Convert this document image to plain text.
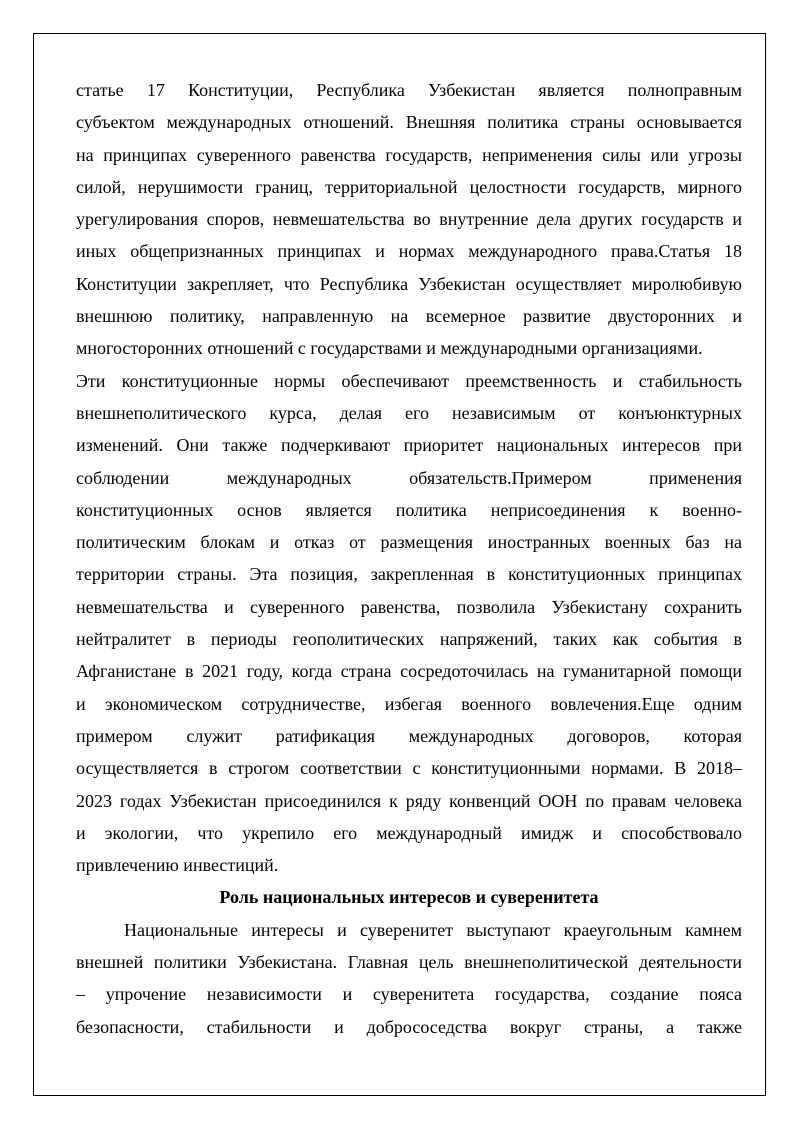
статье 17 Конституции, Республика Узбекистан является полноправным
субъектом международных отношений. Внешняя политика страны основывается
на принципах суверенного равенства государств, неприменения силы или угрозы
силой, нерушимости границ, территориальной целостности государств, мирного
урегулирования споров, невмешательства во внутренние дела других государств и
иных общепризнанных принципах и нормах международного права.Статья 18
Конституции закрепляет, что Республика Узбекистан осуществляет миролюбивую
внешнюю политику, направленную на всемерное развитие двусторонних и
многосторонних отношений с государствами и международными организациями.
Эти конституционные нормы обеспечивают преемственность и стабильность
внешнеполитического курса, делая его независимым от конъюнктурных
изменений. Они также подчеркивают приоритет национальных интересов при
соблюдении международных обязательств.Примером применения
конституционных основ является политика неприсоединения к военно-
политическим блокам и отказ от размещения иностранных военных баз на
территории страны. Эта позиция, закрепленная в конституционных принципах
невмешательства и суверенного равенства, позволила Узбекистану сохранить
нейтралитет в периоды геополитических напряжений, таких как события в
Афганистане в 2021 году, когда страна сосредоточилась на гуманитарной помощи
и экономическом сотрудничестве, избегая военного вовлечения.Еще одним
примером служит ратификация международных договоров, которая
осуществляется в строгом соответствии с конституционными нормами. В 2018–
2023 годах Узбекистан присоединился к ряду конвенций ООН по правам человека
и экологии, что укрепило его международный имидж и способствовало
привлечению инвестиций.
Роль национальных интересов и суверенитета
Национальные интересы и суверенитет выступают краеугольным камнем
внешней политики Узбекистана. Главная цель внешнеполитической деятельности
– упрочение независимости и суверенитета государства, создание пояса
безопасности, стабильности и добрососедства вокруг страны, а также
